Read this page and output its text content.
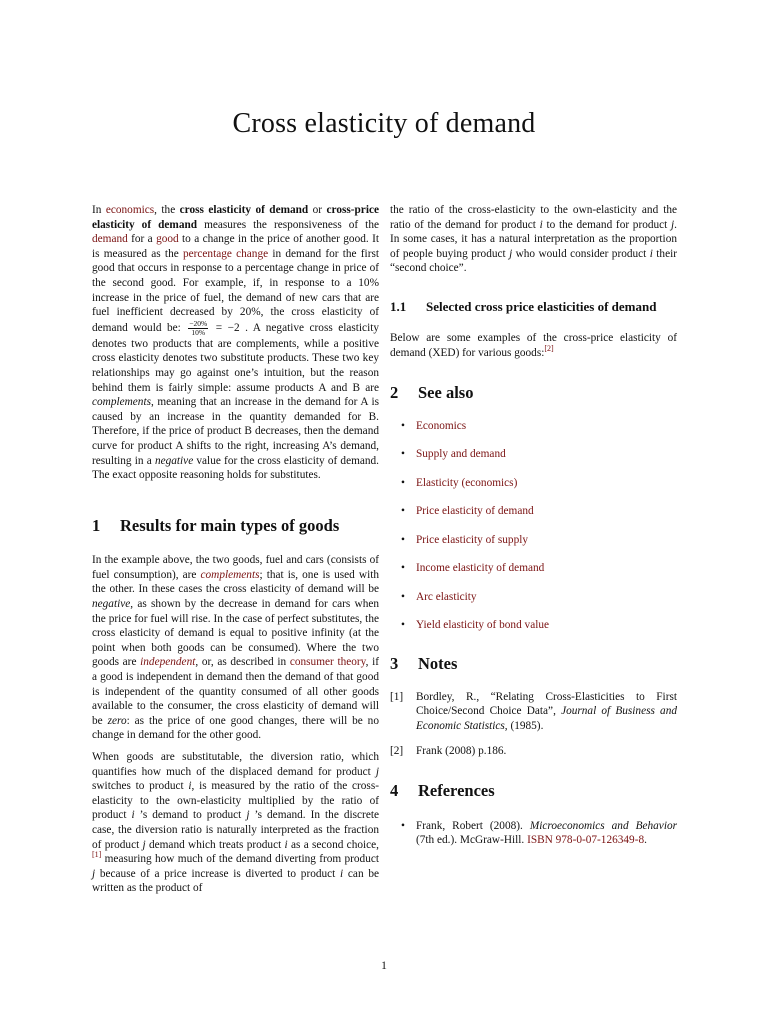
Cross elasticity of demand

In economics, the cross elasticity of demand or cross-price elasticity of demand measures the responsiveness of the demand for a good to a change in the price of another good. It is measured as the percentage change in demand for the first good that occurs in response to a percentage change in price of the second good. For example, if, in response to a 10% increase in the price of fuel, the demand of new cars that are fuel inefficient decreased by 20%, the cross elasticity of demand would be: $\frac{-20\%}{10\%} = -2$ . A negative cross elasticity denotes two products that are complements, while a positive cross elasticity denotes two substitute products. These two key relationships may go against one’s intuition, but the reason behind them is fairly simple: assume products A and B are complements, meaning that an increase in the demand for A is caused by an increase in the quantity demanded for B. Therefore, if the price of product B decreases, then the demand curve for product A shifts to the right, increasing A’s demand, resulting in a negative value for the cross elasticity of demand. The exact opposite reasoning holds for substitutes.

1	Results for main types of goods

In the example above, the two goods, fuel and cars (consists of fuel consumption), are complements; that is, one is used with the other. In these cases the cross elasticity of demand will be negative, as shown by the decrease in demand for cars when the price for fuel will rise. In the case of perfect substitutes, the cross elasticity of demand is equal to positive infinity (at the point when both goods can be consumed). Where the two goods are independent, or, as described in consumer theory, if a good is independent in demand then the demand of that good is independent of the quantity consumed of all other goods available to the consumer, the cross elasticity of demand will be zero: as the price of one good changes, there will be no change in demand for the other good.

When goods are substitutable, the diversion ratio, which quantifies how much of the displaced demand for product j switches to product i, is measured by the ratio of the cross-elasticity to the own-elasticity multiplied by the ratio of product i ’s demand to product j ’s demand. In the discrete case, the diversion ratio is naturally interpreted as the fraction of product j demand which treats product i as a second choice,[1] measuring how much of the demand diverting from product j because of a price increase is diverted to product i can be written as the product of

the ratio of the cross-elasticity to the own-elasticity and the ratio of the demand for product i to the demand for product j. In some cases, it has a natural interpretation as the proportion of people buying product j who would consider product i their “second choice”.

1.1	Selected cross price elasticities of demand

Below are some examples of the cross-price elasticity of demand (XED) for various goods:[2]

2	See also
• Economics
• Supply and demand
• Elasticity (economics)
• Price elasticity of demand
• Price elasticity of supply
• Income elasticity of demand
• Arc elasticity
• Yield elasticity of bond value
3	Notes
[1]	Bordley, R., “Relating Cross-Elasticities to First Choice/Second Choice Data”, Journal of Business and Economic Statistics, (1985).
[2]	Frank (2008) p.186.
4	References
• Frank, Robert (2008). Microeconomics and Behavior (7th ed.). McGraw-Hill. ISBN 978-0-07-126349-8.
1
